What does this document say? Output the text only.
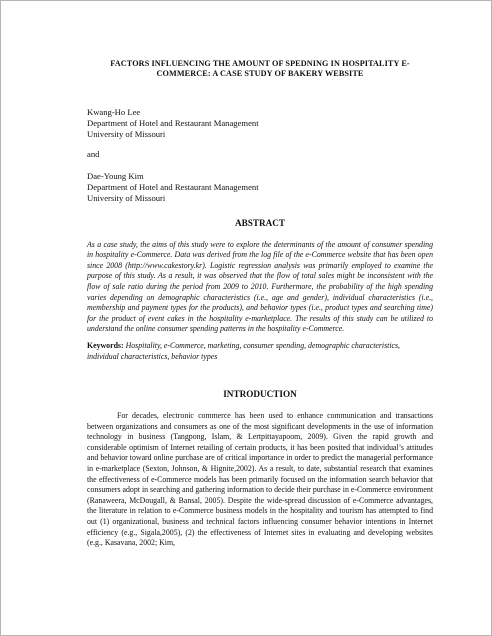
FACTORS INFLUENCING THE AMOUNT OF SPEDNING IN HOSPITALITY E-COMMERCE: A CASE STUDY OF BAKERY WEBSITE
Kwang-Ho Lee
Department of Hotel and Restaurant Management
University of Missouri
and
Dae-Young Kim
Department of Hotel and Restaurant Management
University of Missouri
ABSTRACT
As a case study, the aims of this study were to explore the determinants of the amount of consumer spending in hospitality e-Commerce. Data was derived from the log file of the e-Commerce website that has been open since 2008 (http://www.cakestory.kr). Logistic regression analysis was primarily employed to examine the purpose of this study. As a result, it was observed that the flow of total sales might be inconsistent with the flow of sale ratio during the period from 2009 to 2010. Furthermore, the probability of the high spending varies depending on demographic characteristics (i.e., age and gender), individual characteristics (i.e., membership and payment types for the products), and behavior types (i.e., product types and searching time) for the product of event cakes in the hospitality e-marketplace. The results of this study can be utilized to understand the online consumer spending patterns in the hospitality e-Commerce.
Keywords: Hospitality, e-Commerce, marketing, consumer spending, demographic characteristics, individual characteristics, behavior types
INTRODUCTION
For decades, electronic commerce has been used to enhance communication and transactions between organizations and consumers as one of the most significant developments in the use of information technology in business (Tangpong, Islam, & Lertpittayapoom, 2009). Given the rapid growth and considerable optimism of Internet retailing of certain products, it has been posited that individual’s attitudes and behavior toward online purchase are of critical importance in order to predict the managerial performance in e-marketplace (Sexton, Johnson, & Hignite,2002). As a result, to date, substantial research that examines the effectiveness of e-Commerce models has been primarily focused on the information search behavior that consumers adopt in searching and gathering information to decide their purchase in e-Commerce environment (Ranaweera, McDougall, & Bansal, 2005). Despite the wide-spread discussion of e-Commerce advantages, the literature in relation to e-Commerce business models in the hospitality and tourism has attempted to find out (1) organizational, business and technical factors influencing consumer behavior intentions in Internet efficiency (e.g., Sigala,2005), (2) the effectiveness of Internet sites in evaluating and developing websites (e.g., Kasavana, 2002; Kim,
